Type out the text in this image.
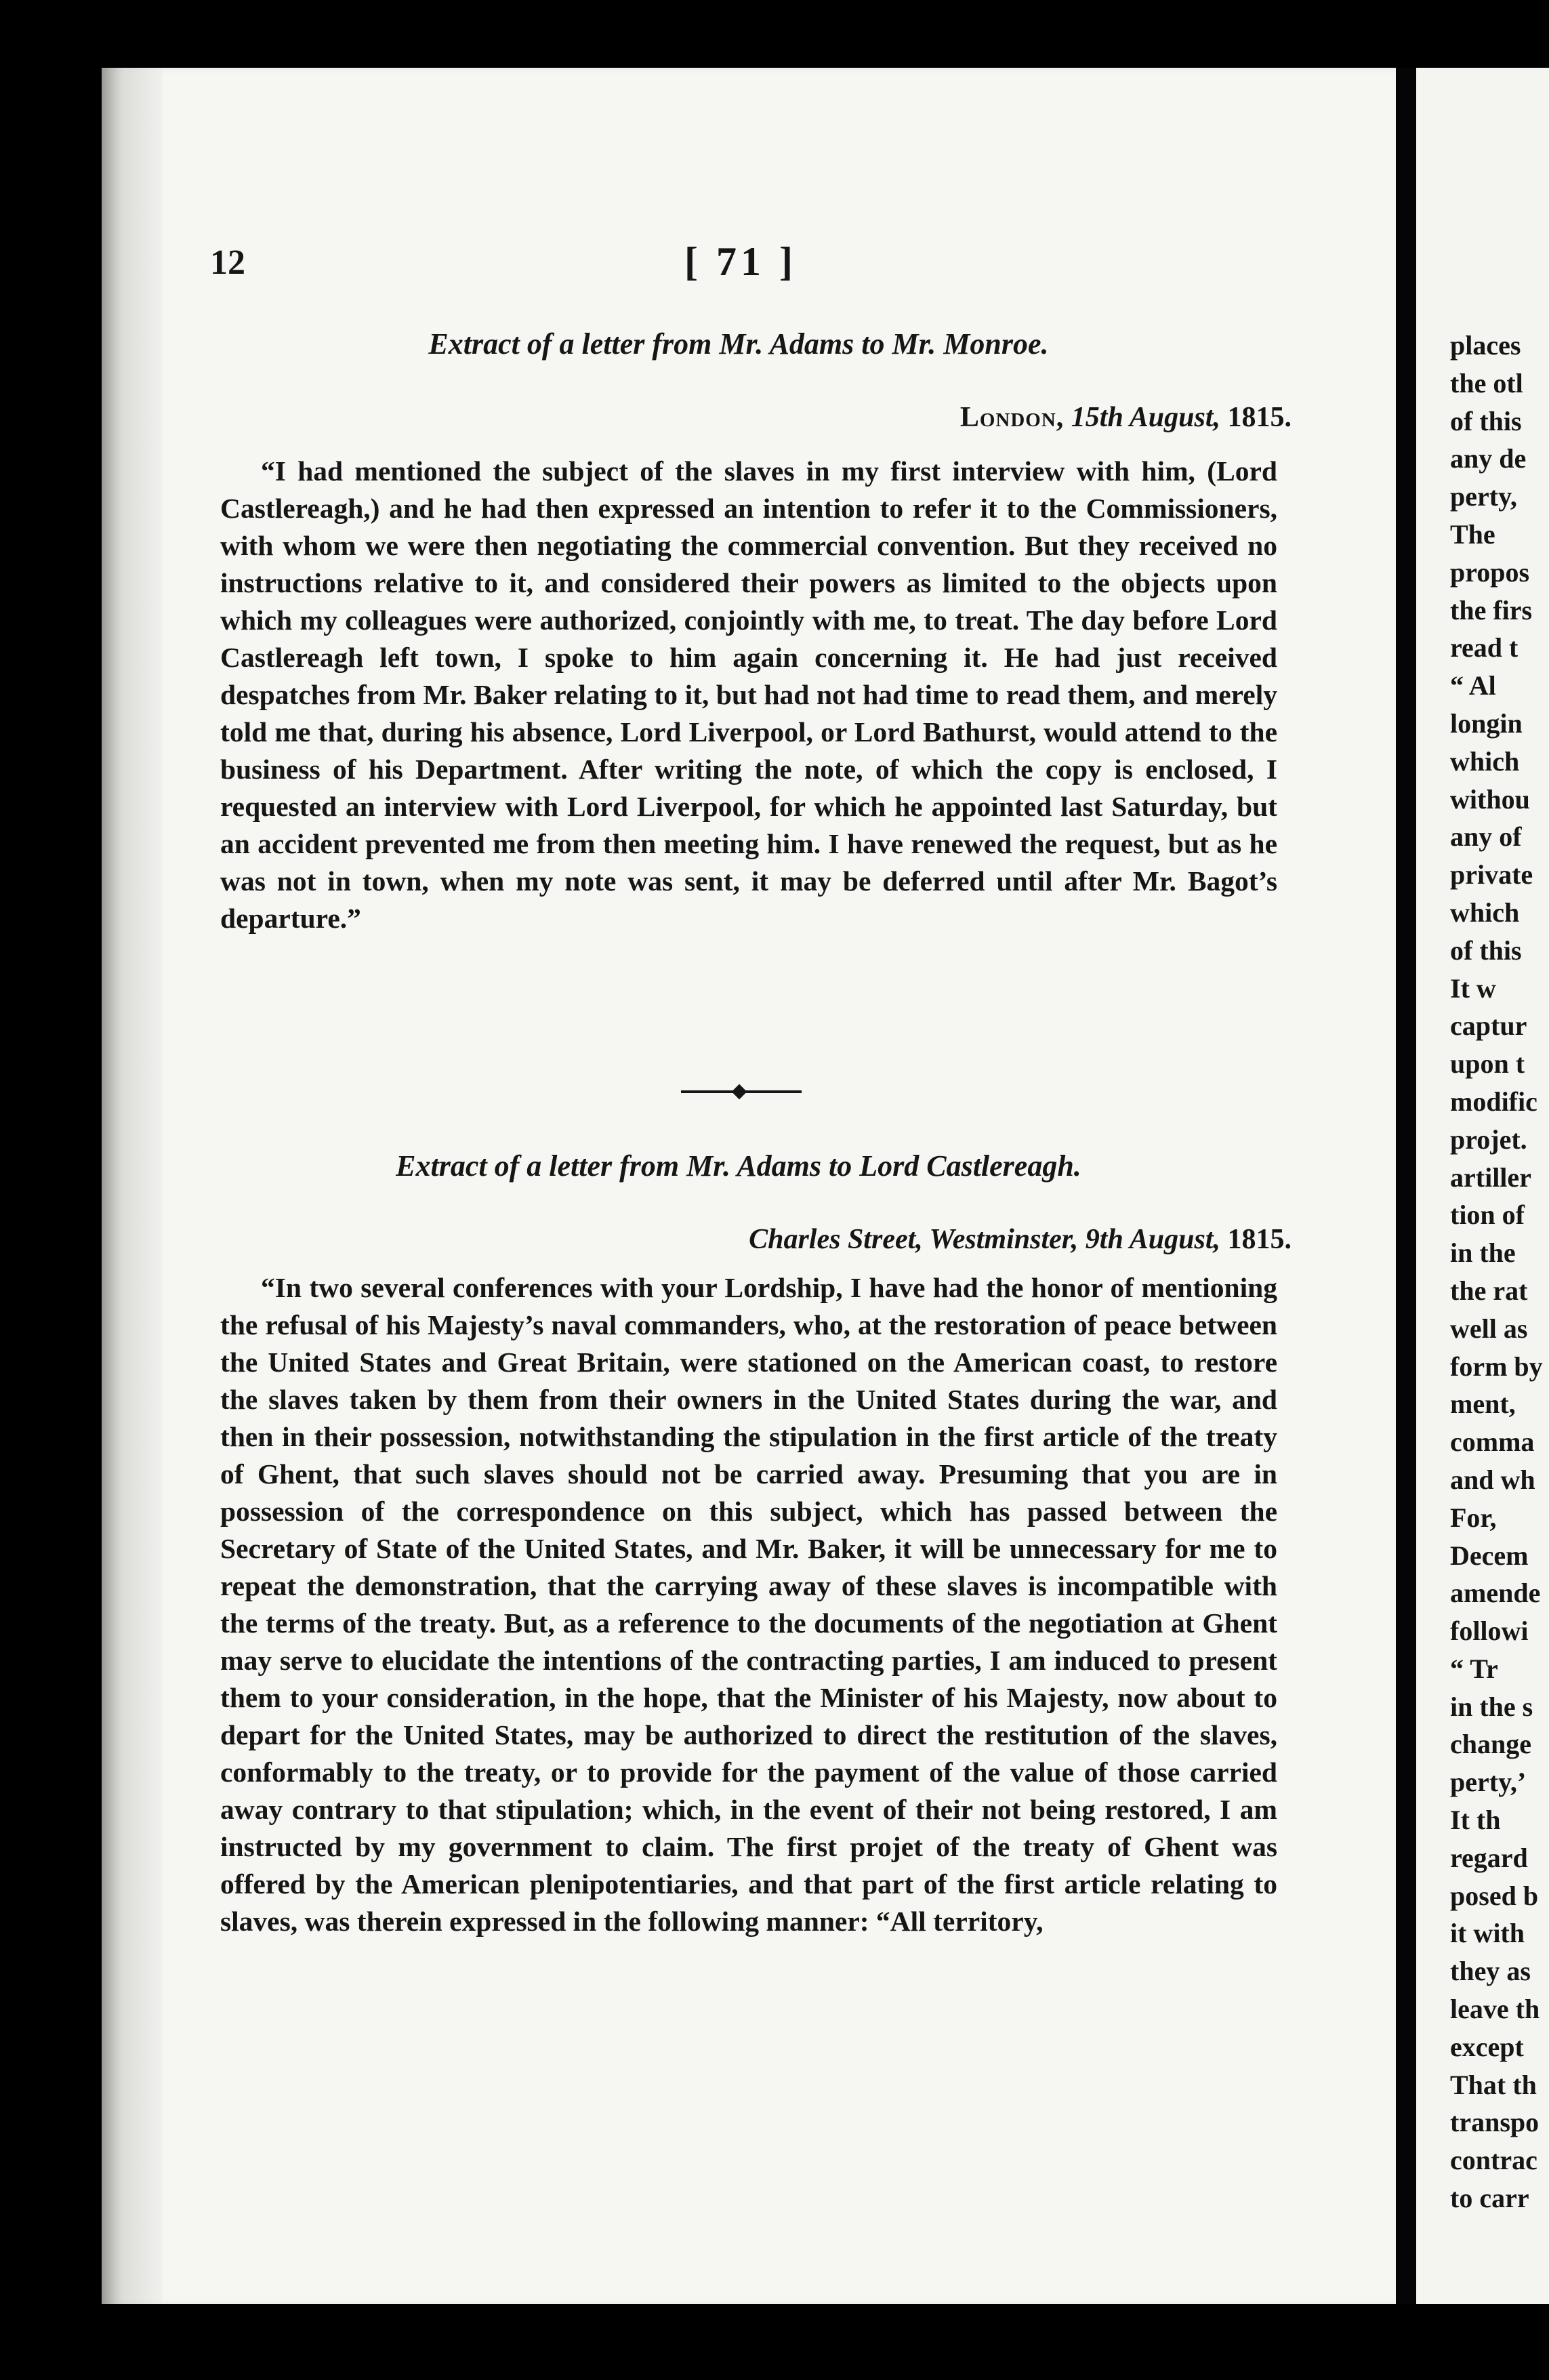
12	[ 71 ]
Extract of a letter from Mr. Adams to Mr. Monroe.
London, 15th August, 1815.

“I had mentioned the subject of the slaves in my first interview with him, (Lord Castlereagh,) and he had then expressed an intention to refer it to the Commissioners, with whom we were then negotiating the commercial convention. But they received no instructions relative to it, and considered their powers as limited to the objects upon which my colleagues were authorized, conjointly with me, to treat. The day before Lord Castlereagh left town, I spoke to him again concerning it. He had just received despatches from Mr. Baker relating to it, but had not had time to read them, and merely told me that, during his absence, Lord Liverpool, or Lord Bathurst, would attend to the business of his Department. After writing the note, of which the copy is enclosed, I requested an interview with Lord Liverpool, for which he appointed last Saturday, but an accident prevented me from then meeting him. I have renewed the request, but as he was not in town, when my note was sent, it may be deferred until after Mr. Bagot’s departure.”

Extract of a letter from Mr. Adams to Lord Castlereagh.
Charles Street, Westminster, 9th August, 1815.

“In two several conferences with your Lordship, I have had the honor of mentioning the refusal of his Majesty’s naval commanders, who, at the restoration of peace between the United States and Great Britain, were stationed on the American coast, to restore the slaves taken by them from their owners in the United States during the war, and then in their possession, notwithstanding the stipulation in the first article of the treaty of Ghent, that such slaves should not be carried away. Presuming that you are in possession of the correspondence on this subject, which has passed between the Secretary of State of the United States, and Mr. Baker, it will be unnecessary for me to repeat the demonstration, that the carrying away of these slaves is incompatible with the terms of the treaty. But, as a reference to the documents of the negotiation at Ghent may serve to elucidate the intentions of the contracting parties, I am induced to present them to your consideration, in the hope, that the Minister of his Majesty, now about to depart for the United States, may be authorized to direct the restitution of the slaves, conformably to the treaty, or to provide for the payment of the value of those carried away contrary to that stipulation; which, in the event of their not being restored, I am instructed by my government to claim. The first projet of the treaty of Ghent was offered by the American plenipotentiaries, and that part of the first article relating to slaves, was therein expressed in the following manner: “All territory,

places
the otl
of this
any de
perty,
The
propos
the firs
read t
“ Al
longin
which
withou
any of
private
which
of this
It w
captur
upon t
modific
projet.
artiller
tion of
in the
the rat
well as
form by
ment,
comma
and wh
For,
Decem
amende
followi
“ Tr
in the s
change
perty,’
It th
regard
posed b
it with
they as
leave th
except
That th
transpo
contrac
to carr
